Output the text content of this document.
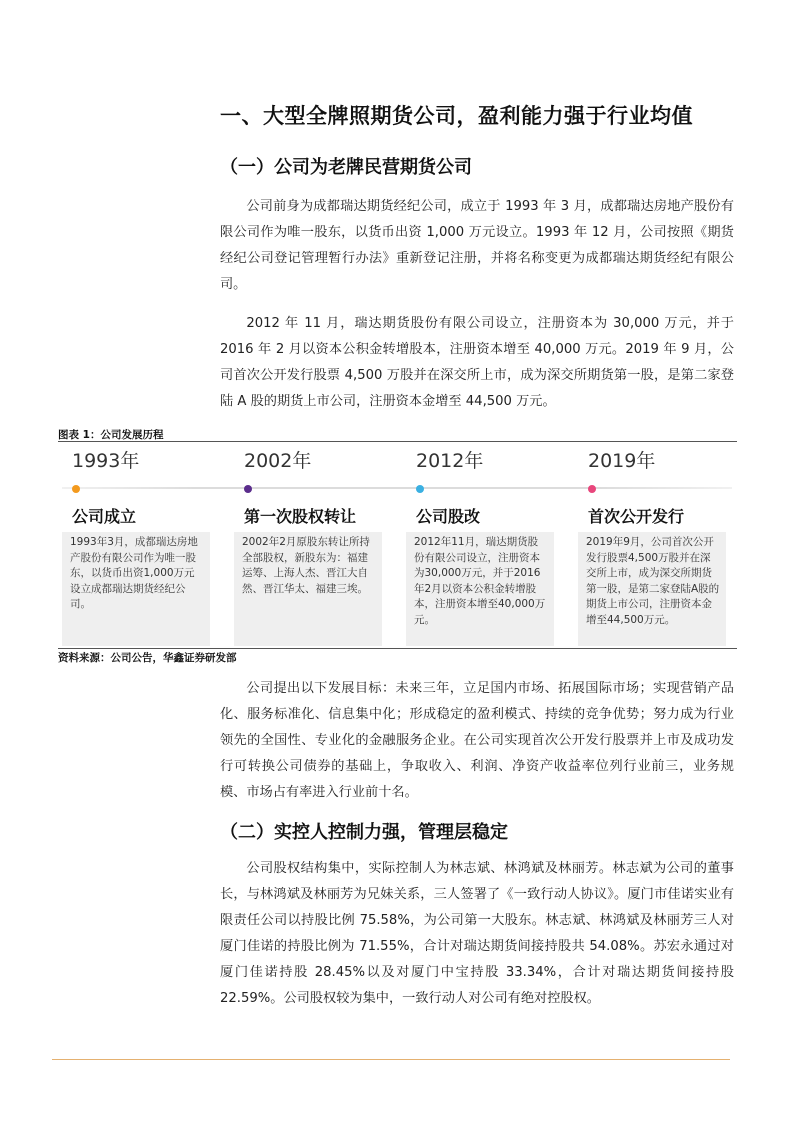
一、大型全牌照期货公司，盈利能力强于行业均值
（一）公司为老牌民营期货公司

公司前身为成都瑞达期货经纪公司，成立于 1993 年 3 月，成都瑞达房地产股份有限公司作为唯一股东，以货币出资 1,000 万元设立。1993 年 12 月，公司按照《期货经纪公司登记管理暂行办法》重新登记注册，并将名称变更为成都瑞达期货经纪有限公司。

2012 年 11 月，瑞达期货股份有限公司设立，注册资本为 30,000 万元，并于 2016 年 2 月以资本公积金转增股本，注册资本增至 40,000 万元。2019 年 9 月，公司首次公开发行股票 4,500 万股并在深交所上市，成为深交所期货第一股，是第二家登陆 A 股的期货上市公司，注册资本金增至 44,500 万元。

图表 1：公司发展历程
1993年
公司成立
1993年3月，成都瑞达房地产股份有限公司作为唯一股东，以货币出资1,000万元设立成都瑞达期货经纪公司。
2002年
第一次股权转让
2002年2月原股东转让所持全部股权，新股东为：福建运筹、上海人杰、晋江大自然、晋江华太、福建三埃。
2012年
公司股改
2012年11月，瑞达期货股份有限公司设立，注册资本为30,000万元，并于2016年2月以资本公积金转增股本，注册资本增至40,000万元。
2019年
首次公开发行
2019年9月，公司首次公开发行股票4,500万股并在深交所上市，成为深交所期货第一股，是第二家登陆A股的期货上市公司，注册资本金增至44,500万元。
资料来源：公司公告，华鑫证券研发部

公司提出以下发展目标：未来三年，立足国内市场、拓展国际市场；实现营销产品化、服务标准化、信息集中化；形成稳定的盈利模式、持续的竞争优势；努力成为行业领先的全国性、专业化的金融服务企业。在公司实现首次公开发行股票并上市及成功发行可转换公司债券的基础上，争取收入、利润、净资产收益率位列行业前三，业务规模、市场占有率进入行业前十名。

（二）实控人控制力强，管理层稳定

公司股权结构集中，实际控制人为林志斌、林鸿斌及林丽芳。林志斌为公司的董事长，与林鸿斌及林丽芳为兄妹关系，三人签署了《一致行动人协议》。厦门市佳诺实业有限责任公司以持股比例 75.58%，为公司第一大股东。林志斌、林鸿斌及林丽芳三人对厦门佳诺的持股比例为 71.55%，合计对瑞达期货间接持股共 54.08%。苏宏永通过对厦门佳诺持股 28.45%以及对厦门中宝持股 33.34%，合计对瑞达期货间接持股 22.59%。公司股权较为集中，一致行动人对公司有绝对控股权。
